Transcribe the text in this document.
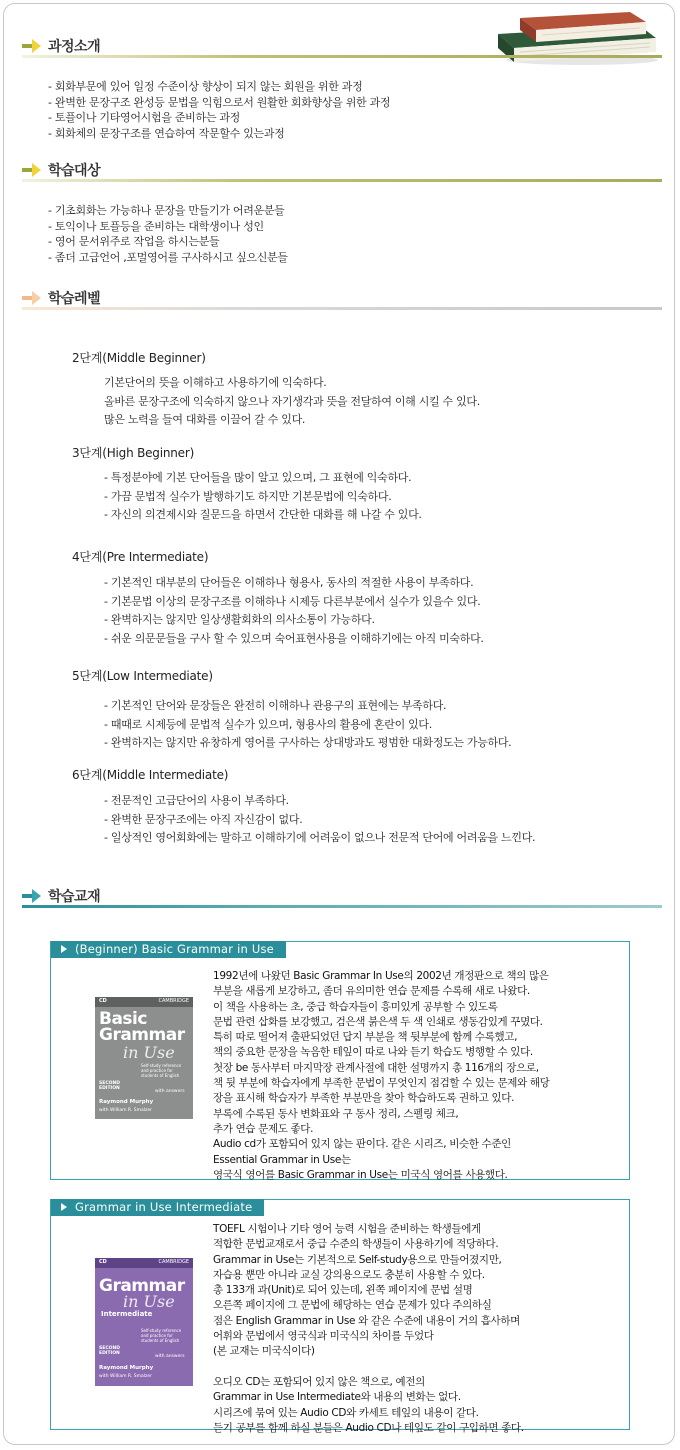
과정소개
- 회화부문에 있어 일정 수준이상 향상이 되지 않는 회원을 위한 과정
- 완벽한 문장구조 완성등 문법을 익힘으로서 원활한 회화향상을 위한 과정
- 토플이나 기타영어시험을 준비하는 과정
- 회화체의 문장구조를 연습하여 작문할수 있는과정
학습대상
- 기초회화는 가능하나 문장을 만들기가 어려운분들
- 토익이나 토플등을 준비하는 대학생이나 성인
- 영어 문서위주로 작업을 하시는분들
- 좀더 고급언어 ,포멀영어를 구사하시고 싶으신분들
학습레벨
2단계(Middle Beginner)
기본단어의 뜻을 이해하고 사용하기에 익숙하다.
올바른 문장구조에 익숙하지 않으나 자기생각과 뜻을 전달하여 이해 시킬 수 있다.
많은 노력을 들여 대화를 이끌어 갈 수 있다.
3단계(High Beginner)
- 특정분야에 기본 단어들을 많이 알고 있으며, 그 표현에 익숙하다.
- 가끔 문법적 실수가 발행하기도 하지만 기본문법에 익숙하다.
- 자신의 의견제시와 질문드을 하면서 간단한 대화를 해 나갈 수 있다.
4단계(Pre Intermediate)
- 기본적인 대부분의 단어들은 이해하나 형용사, 동사의 적절한 사용이 부족하다.
- 기본문법 이상의 문장구조를 이해하나 시제등 다른부분에서 실수가 있을수 있다.
- 완벽하지는 않지만 일상생활회화의 의사소통이 가능하다.
- 쉬운 의문문들을 구사 할 수 있으며 숙어표현사용을 이해하기에는 아직 미숙하다.
5단계(Low Intermediate)
- 기본적인 단어와 문장들은 완전히 이해하나 관용구의 표현에는 부족하다.
- 때때로 시제등에 문법적 실수가 있으며, 형용사의 활용에 혼란이 있다.
- 완벽하지는 않지만 유창하게 영어를 구사하는 상대방과도 평범한 대화정도는 가능하다.
6단계(Middle Intermediate)
- 전문적인 고급단어의 사용이 부족하다.
- 완벽한 문장구조에는 아직 자신감이 없다.
- 일상적인 영어회화에는 말하고 이해하기에 어려움이 없으나 전문적 단어에 어려움을 느낀다.
학습교재
(Beginner) Basic Grammar in Use
CD	CAMBRIDGE
Basic
Grammar
in Use
Self-study reference and practice for students of English
SECOND EDITION
with answers
Raymond Murphy
with William R. Smalzer
1992년에 나왔던 Basic Grammar In Use의 2002년 개정판으로 책의 많은
부분을 새롭게 보강하고, 좀더 유의미한 연습 문제를 수록해 새로 나왔다.
이 책을 사용하는 초, 중급 학습자들이 흥미있게 공부할 수 있도록
문법 관련 삽화를 보강했고, 검은색 붉은색 두 색 인쇄로 생동감있게 꾸몄다.
특히 따로 떨어져 출판되었던 답지 부분을 책 뒷부분에 함께 수록했고,
책의 중요한 문장을 녹음한 테잎이 따로 나와 듣기 학습도 병행할 수 있다.
첫장 be 동사부터 마지막장 관계사절에 대한 설명까지 총 116개의 장으로,
책 뒷 부분에 학습자에게 부족한 문법이 무엇인지 점검할 수 있는 문제와 해당
장을 표시해 학습자가 부족한 부분만을 찾아 학습하도록 권하고 있다.
부록에 수록된 동사 변화표와 구 동사 정리, 스펠링 체크,
추가 연습 문제도 좋다.
Audio cd가 포함되어 있지 않는 판이다. 같은 시리즈, 비슷한 수준인
Essential Grammar in Use는
영국식 영어를 Basic Grammar in Use는 미국식 영어를 사용했다.
Grammar in Use Intermediate
CD	CAMBRIDGE
Grammar
in Use
Intermediate
Self-study reference and practice for students of English
SECOND EDITION
with answers
Raymond Murphy
with William R. Smalzer
TOEFL 시험이나 기타 영어 능력 시험을 준비하는 학생들에게
적합한 문법교재로서 중급 수준의 학생들이 사용하기에 적당하다.
Grammar in Use는 기본적으로 Self-study용으로 만들어졌지만,
자습용 뿐만 아니라 교실 강의용으로도 충분히 사용할 수 있다.
총 133개 과(Unit)로 되어 있는데, 왼쪽 페이지에 문법 설명
오른쪽 페이지에 그 문법에 해당하는 연습 문제가 있다 주의하실
점은 English Grammar in Use 와 같은 수준에 내용이 거의 흡사하며
어휘와 문법에서 영국식과 미국식의 차이를 두었다
(본 교재는 미국식이다)
오디오 CD는 포함되어 있지 않은 책으로, 예전의
Grammar in Use Intermediate와 내용의 변화는 없다.
시리즈에 묶여 있는 Audio CD와 카세트 테잎의 내용이 같다.
듣기 공부를 함께 하실 분들은 Audio CD나 테잎도 같이 구입하면 좋다.
